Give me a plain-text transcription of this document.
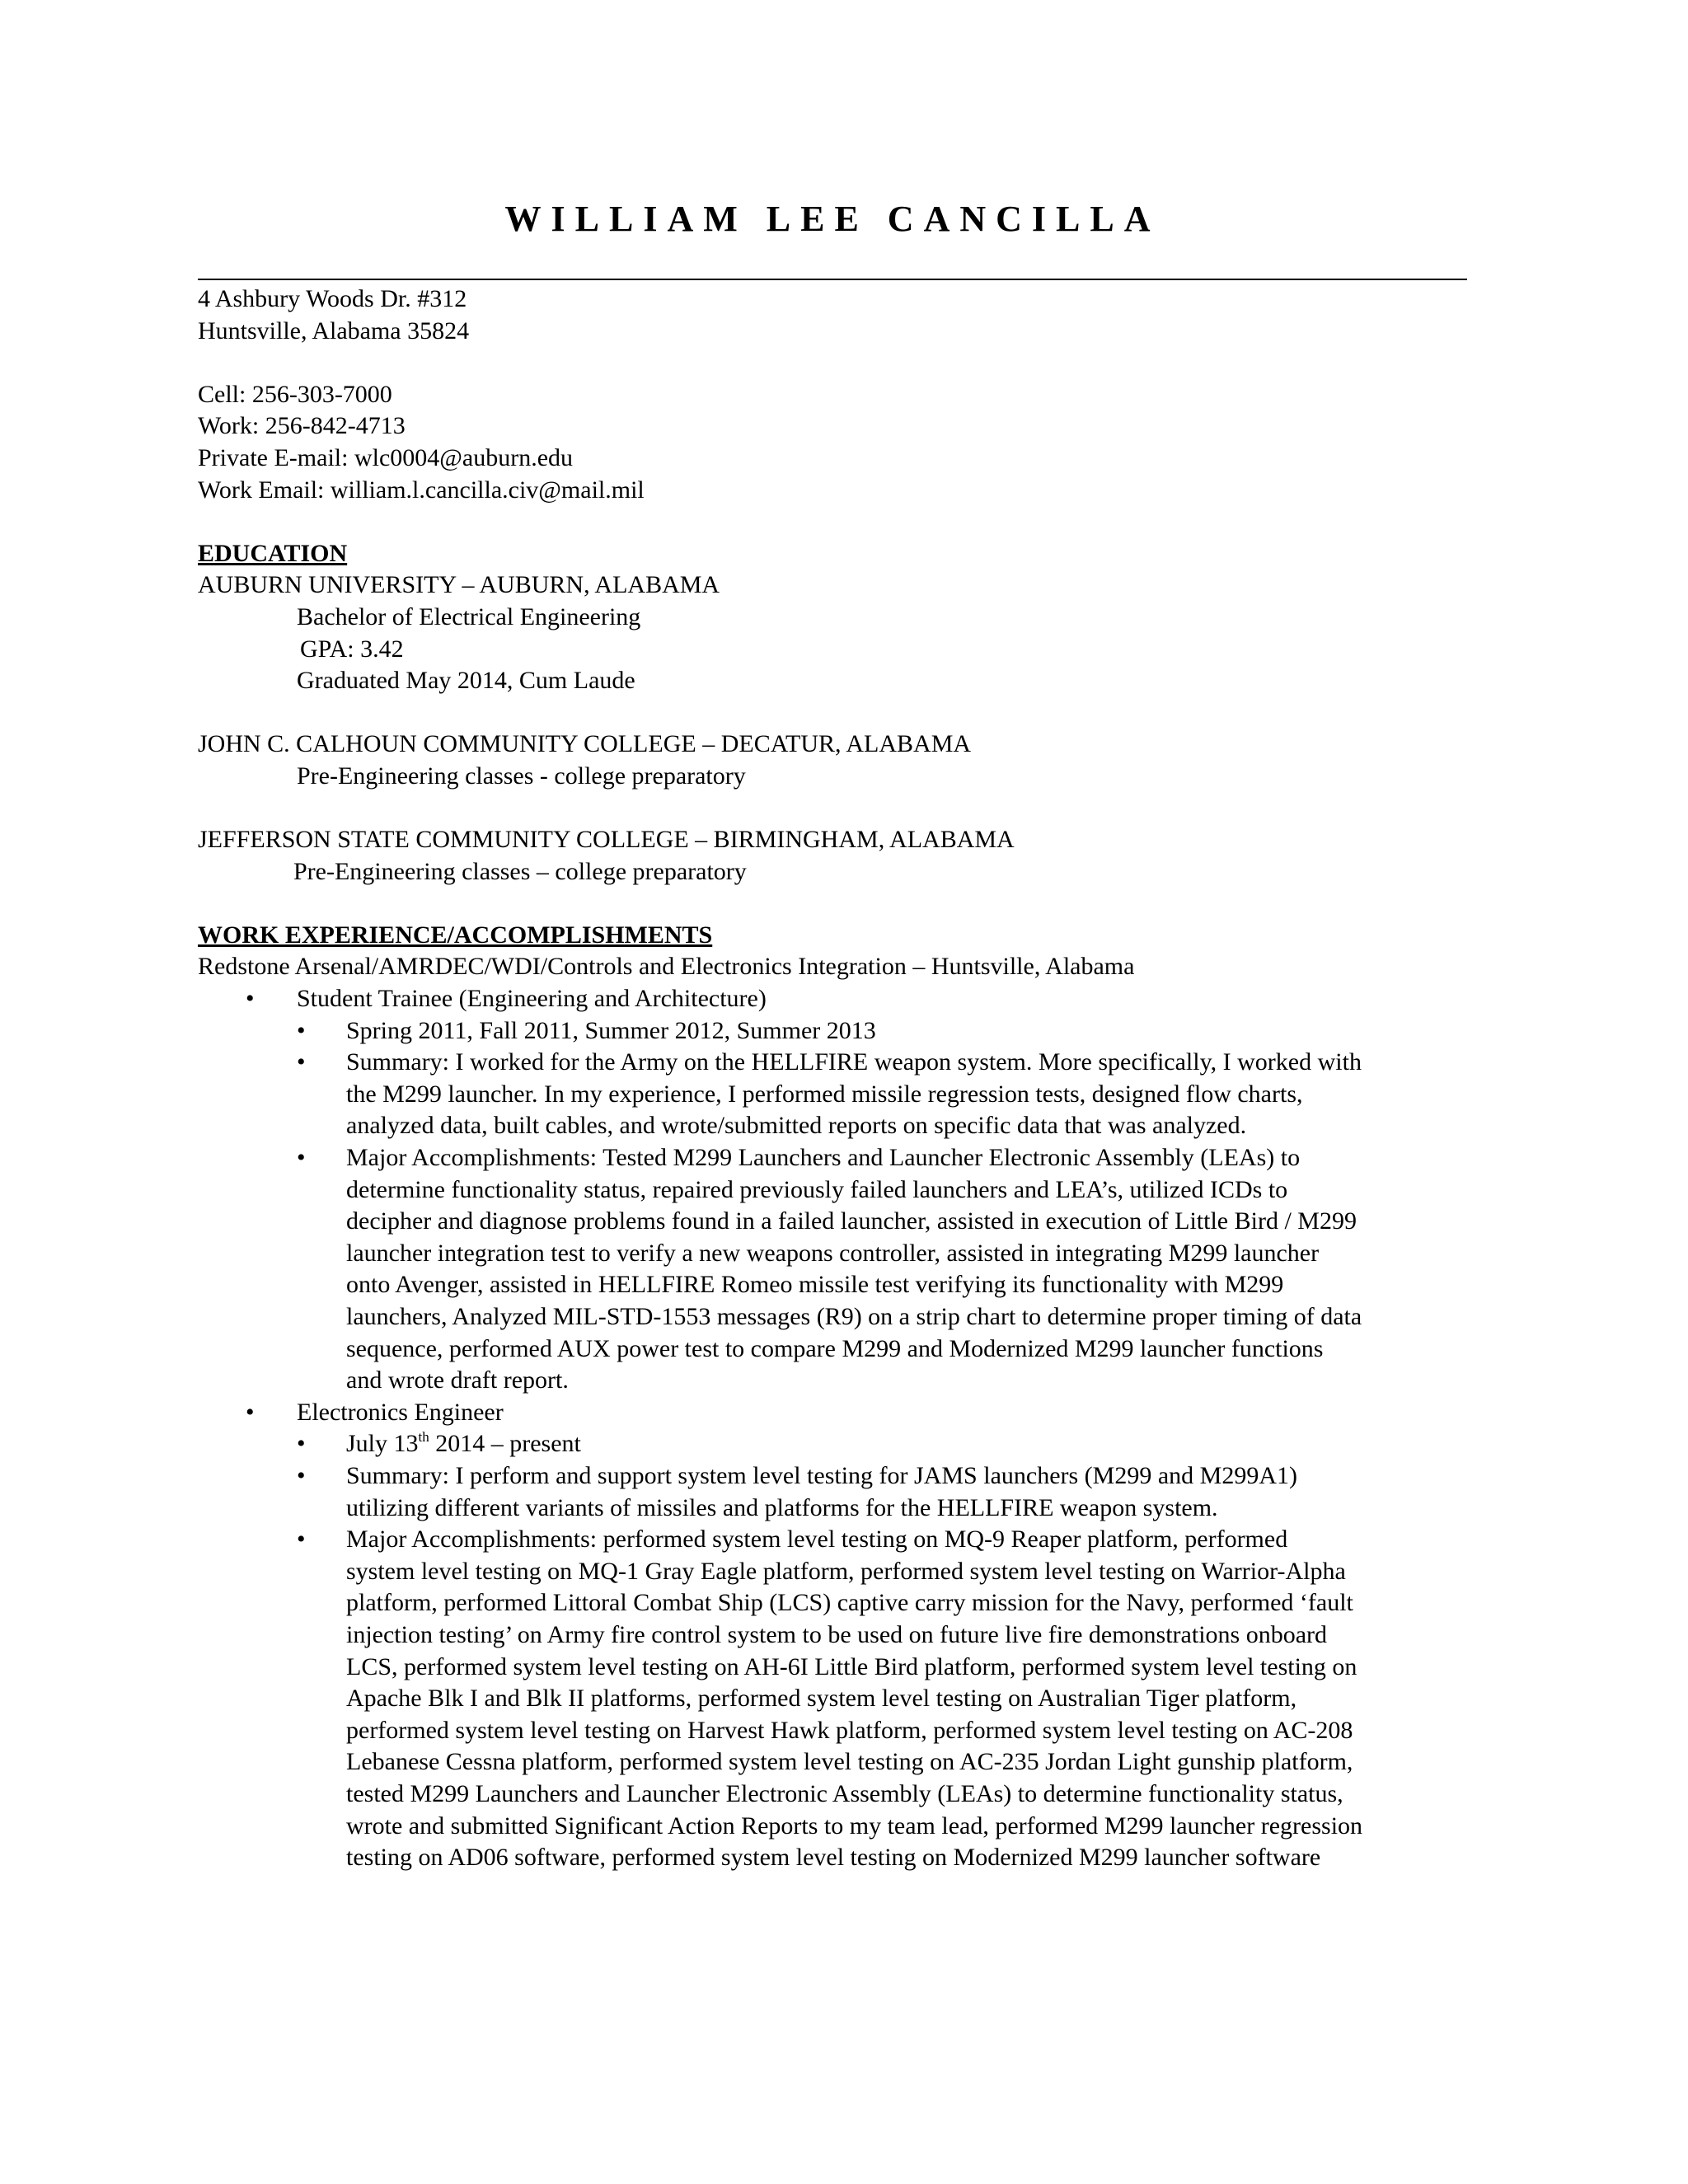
WILLIAM LEE CANCILLA
4 Ashbury Woods Dr. #312
Huntsville, Alabama 35824
Cell: 256-303-7000
Work: 256-842-4713
Private E-mail: wlc0004@auburn.edu
Work Email: william.l.cancilla.civ@mail.mil
EDUCATION
AUBURN UNIVERSITY – AUBURN, ALABAMA
Bachelor of Electrical Engineering
GPA: 3.42
Graduated May 2014, Cum Laude
JOHN C. CALHOUN COMMUNITY COLLEGE – DECATUR, ALABAMA
Pre-Engineering classes - college preparatory
JEFFERSON STATE COMMUNITY COLLEGE – BIRMINGHAM, ALABAMA
Pre-Engineering classes – college preparatory
WORK EXPERIENCE/ACCOMPLISHMENTS
Redstone Arsenal/AMRDEC/WDI/Controls and Electronics Integration – Huntsville, Alabama
• Student Trainee (Engineering and Architecture)
• Spring 2011, Fall 2011, Summer 2012, Summer 2013
• Summary: I worked for the Army on the HELLFIRE weapon system. More specifically, I worked with
the M299 launcher. In my experience, I performed missile regression tests, designed flow charts,
analyzed data, built cables, and wrote/submitted reports on specific data that was analyzed.
• Major Accomplishments: Tested M299 Launchers and Launcher Electronic Assembly (LEAs) to
determine functionality status, repaired previously failed launchers and LEA’s, utilized ICDs to
decipher and diagnose problems found in a failed launcher, assisted in execution of Little Bird / M299
launcher integration test to verify a new weapons controller, assisted in integrating M299 launcher
onto Avenger, assisted in HELLFIRE Romeo missile test verifying its functionality with M299
launchers, Analyzed MIL-STD-1553 messages (R9) on a strip chart to determine proper timing of data
sequence, performed AUX power test to compare M299 and Modernized M299 launcher functions
and wrote draft report.
• Electronics Engineer
• July 13th 2014 – present
• Summary: I perform and support system level testing for JAMS launchers (M299 and M299A1)
utilizing different variants of missiles and platforms for the HELLFIRE weapon system.
• Major Accomplishments: performed system level testing on MQ-9 Reaper platform, performed
system level testing on MQ-1 Gray Eagle platform, performed system level testing on Warrior-Alpha
platform, performed Littoral Combat Ship (LCS) captive carry mission for the Navy, performed ‘fault
injection testing’ on Army fire control system to be used on future live fire demonstrations onboard
LCS, performed system level testing on AH-6I Little Bird platform, performed system level testing on
Apache Blk I and Blk II platforms, performed system level testing on Australian Tiger platform,
performed system level testing on Harvest Hawk platform, performed system level testing on AC-208
Lebanese Cessna platform, performed system level testing on AC-235 Jordan Light gunship platform,
tested M299 Launchers and Launcher Electronic Assembly (LEAs) to determine functionality status,
wrote and submitted Significant Action Reports to my team lead, performed M299 launcher regression
testing on AD06 software, performed system level testing on Modernized M299 launcher software
